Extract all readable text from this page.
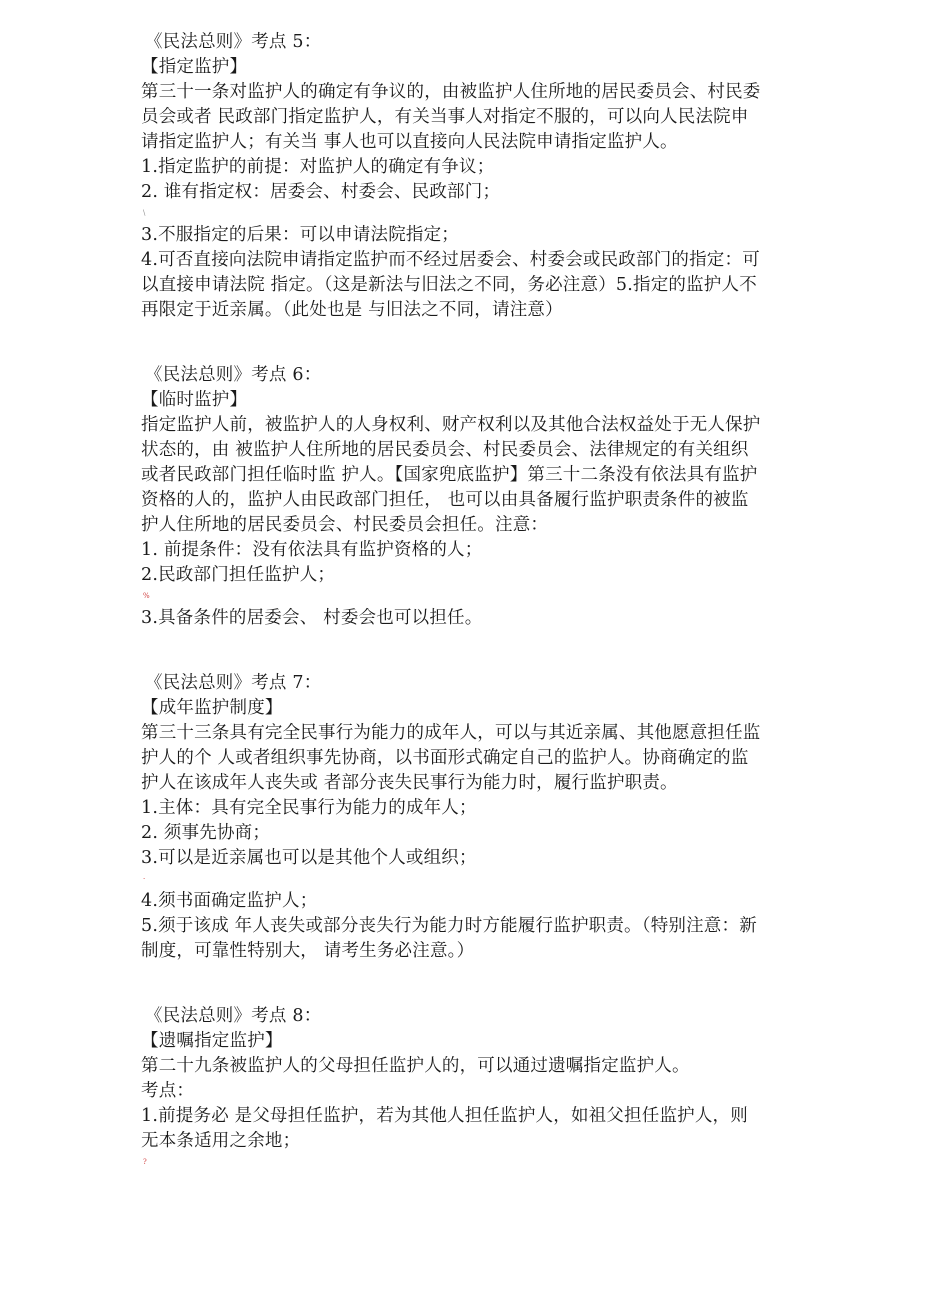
《民法总则》考点 5：
【指定监护】
第三十一条对监护人的确定有争议的，由被监护人住所地的居民委员会、村民委
员会或者 民政部门指定监护人，有关当事人对指定不服的，可以向人民法院申
请指定监护人；有关当 事人也可以直接向人民法院申请指定监护人。
1.指定监护的前提：对监护人的确定有争议；
2. 谁有指定权：居委会、村委会、民政部门；
\
3.不服指定的后果：可以申请法院指定；
4.可否直接向法院申请指定监护而不经过居委会、村委会或民政部门的指定：可
以直接申请法院 指定。（这是新法与旧法之不同，务必注意）5.指定的监护人不
再限定于近亲属。（此处也是 与旧法之不同，请注意）
《民法总则》考点 6：
【临时监护】
指定监护人前，被监护人的人身权利、财产权利以及其他合法权益处于无人保护
状态的，由 被监护人住所地的居民委员会、村民委员会、法律规定的有关组织
或者民政部门担任临时监 护人。【国家兜底监护】第三十二条没有依法具有监护
资格的人的，监护人由民政部门担任， 也可以由具备履行监护职责条件的被监
护人住所地的居民委员会、村民委员会担任。注意：
1. 前提条件：没有依法具有监护资格的人；
2.民政部门担任监护人；
%
3.具备条件的居委会、 村委会也可以担任。
《民法总则》考点 7：
【成年监护制度】
第三十三条具有完全民事行为能力的成年人，可以与其近亲属、其他愿意担任监
护人的个 人或者组织事先协商，以书面形式确定自己的监护人。协商确定的监
护人在该成年人丧失或 者部分丧失民事行为能力时，履行监护职责。
1.主体：具有完全民事行为能力的成年人；
2. 须事先协商；
3.可以是近亲属也可以是其他个人或组织；
·
4.须书面确定监护人；
5.须于该成 年人丧失或部分丧失行为能力时方能履行监护职责。（特别注意：新
制度，可靠性特别大， 请考生务必注意。）
《民法总则》考点 8：
【遗嘱指定监护】
第二十九条被监护人的父母担任监护人的，可以通过遗嘱指定监护人。
考点：
1.前提务必 是父母担任监护，若为其他人担任监护人，如祖父担任监护人，则
无本条适用之余地；
?
